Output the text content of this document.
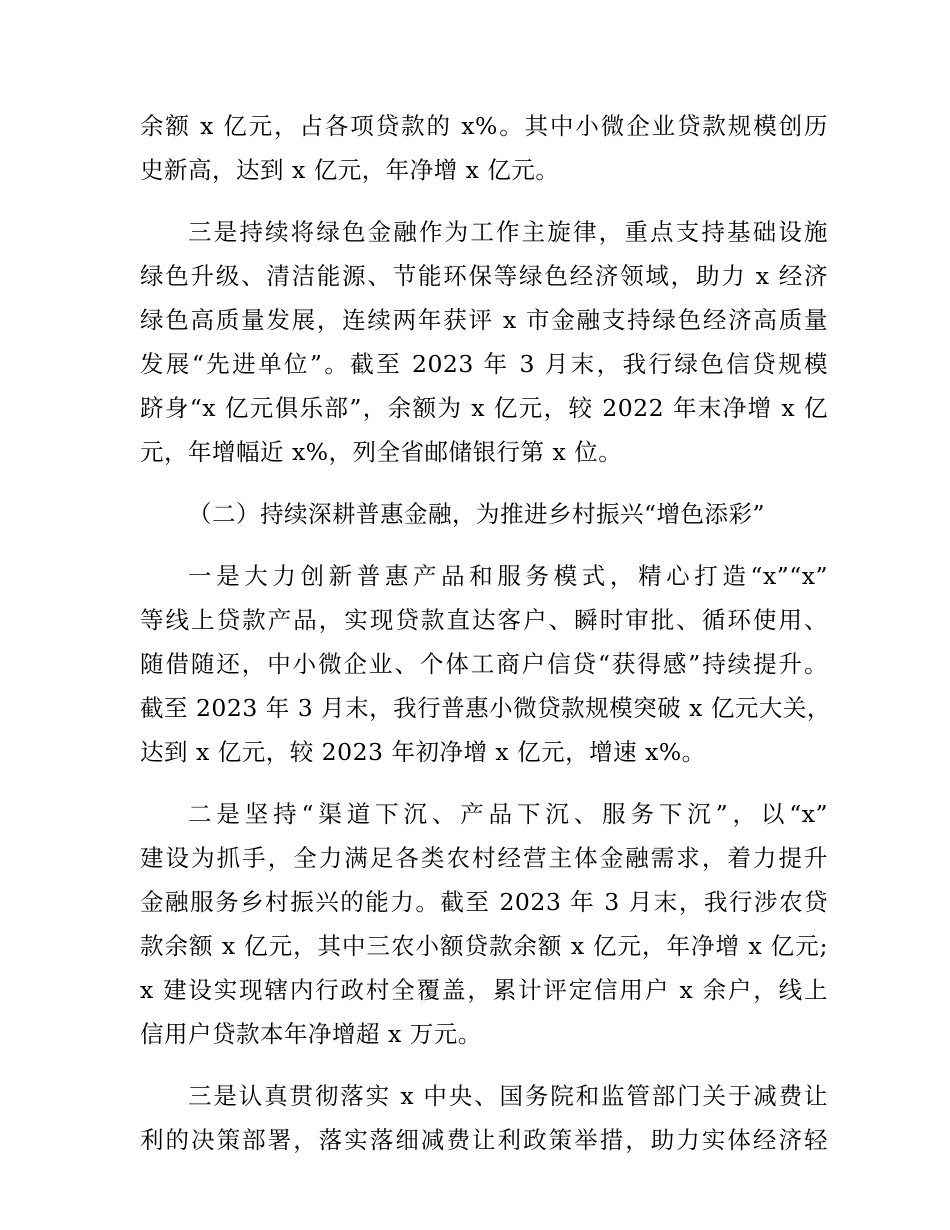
余额 x 亿元，占各项贷款的 x%。其中小微企业贷款规模创历
史新高，达到 x 亿元，年净增 x 亿元。
三是持续将绿色金融作为工作主旋律，重点支持基础设施
绿色升级、清洁能源、节能环保等绿色经济领域，助力 x 经济
绿色高质量发展，连续两年获评 x 市金融支持绿色经济高质量
发展“先进单位”。截至 2023 年 3 月末，我行绿色信贷规模
跻身“x 亿元俱乐部”，余额为 x 亿元，较 2022 年末净增 x 亿
元，年增幅近 x%，列全省邮储银行第 x 位。
（二）持续深耕普惠金融，为推进乡村振兴“增色添彩”
一是大力创新普惠产品和服务模式，精心打造“x”“x”
等线上贷款产品，实现贷款直达客户、瞬时审批、循环使用、
随借随还，中小微企业、个体工商户信贷“获得感”持续提升。
截至 2023 年 3 月末，我行普惠小微贷款规模突破 x 亿元大关，
达到 x 亿元，较 2023 年初净增 x 亿元，增速 x%。
二是坚持“渠道下沉、产品下沉、服务下沉”，以“x”
建设为抓手，全力满足各类农村经营主体金融需求，着力提升
金融服务乡村振兴的能力。截至 2023 年 3 月末，我行涉农贷
款余额 x 亿元，其中三农小额贷款余额 x 亿元，年净增 x 亿元;
x 建设实现辖内行政村全覆盖，累计评定信用户 x 余户，线上
信用户贷款本年净增超 x 万元。
三是认真贯彻落实 x 中央、国务院和监管部门关于减费让
利的决策部署，落实落细减费让利政策举措，助力实体经济轻
